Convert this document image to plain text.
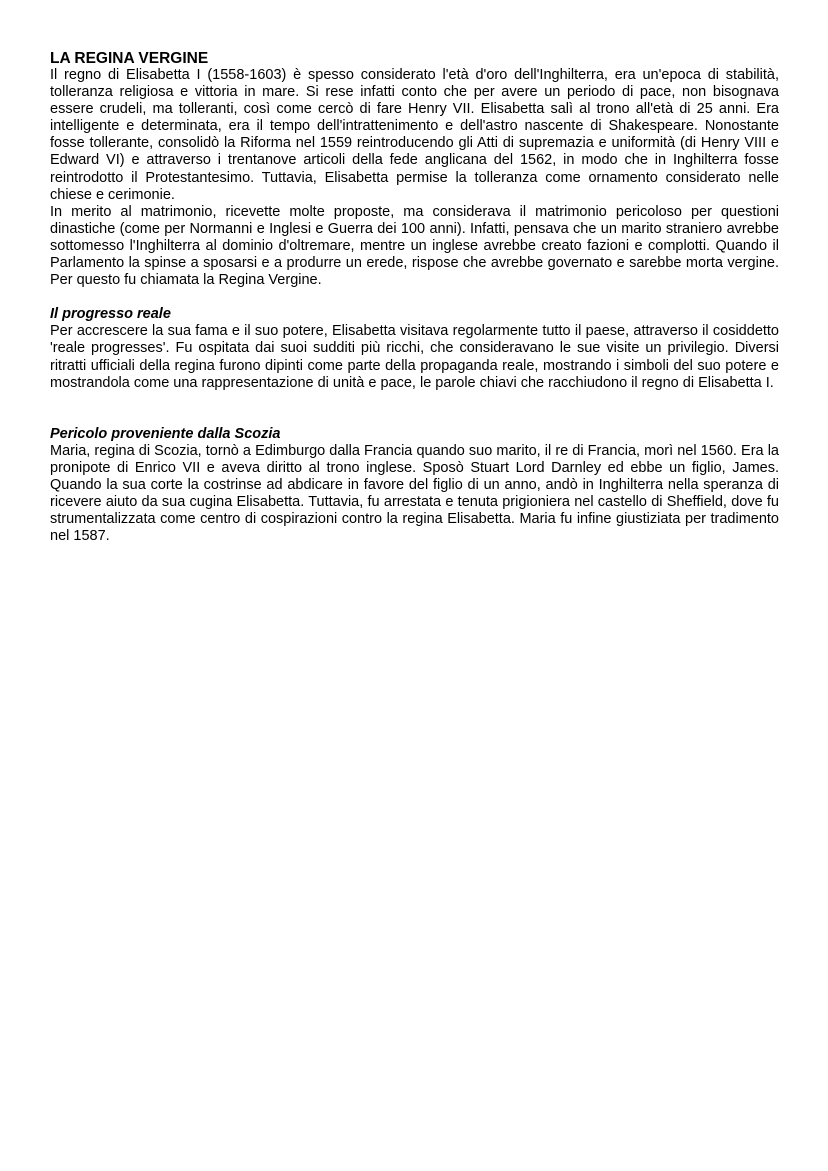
LA REGINA VERGINE

Il regno di Elisabetta I (1558-1603) è spesso considerato l'età d'oro dell'Inghilterra, era un'epoca di stabilità, tolleranza religiosa e vittoria in mare. Si rese infatti conto che per avere un periodo di pace, non bisognava essere crudeli, ma tolleranti, così come cercò di fare Henry VII. Elisabetta salì al trono all'età di 25 anni. Era intelligente e determinata, era il tempo dell'intrattenimento e dell'astro nascente di Shakespeare. Nonostante fosse tollerante, consolidò la Riforma nel 1559 reintroducendo gli Atti di supremazia e uniformità (di Henry VIII e Edward VI) e attraverso i trentanove articoli della fede anglicana del 1562, in modo che in Inghilterra fosse reintrodotto il Protestantesimo. Tuttavia, Elisabetta permise la tolleranza come ornamento considerato nelle chiese e cerimonie.

In merito al matrimonio, ricevette molte proposte, ma considerava il matrimonio pericoloso per questioni dinastiche (come per Normanni e Inglesi e Guerra dei 100 anni). Infatti, pensava che un marito straniero avrebbe sottomesso l'Inghilterra al dominio d'oltremare, mentre un inglese avrebbe creato fazioni e complotti. Quando il Parlamento la spinse a sposarsi e a produrre un erede, rispose che avrebbe governato e sarebbe morta vergine. Per questo fu chiamata la Regina Vergine.

Il progresso reale

Per accrescere la sua fama e il suo potere, Elisabetta visitava regolarmente tutto il paese, attraverso il cosiddetto 'reale progresses'. Fu ospitata dai suoi sudditi più ricchi, che consideravano le sue visite un privilegio. Diversi ritratti ufficiali della regina furono dipinti come parte della propaganda reale, mostrando i simboli del suo potere e mostrandola come una rappresentazione di unità e pace, le parole chiavi che racchiudono il regno di Elisabetta I.

Pericolo proveniente dalla Scozia

Maria, regina di Scozia, tornò a Edimburgo dalla Francia quando suo marito, il re di Francia, morì nel 1560. Era la pronipote di Enrico VII e aveva diritto al trono inglese. Sposò Stuart Lord Darnley ed ebbe un figlio, James. Quando la sua corte la costrinse ad abdicare in favore del figlio di un anno, andò in Inghilterra nella speranza di ricevere aiuto da sua cugina Elisabetta. Tuttavia, fu arrestata e tenuta prigioniera nel castello di Sheffield, dove fu strumentalizzata come centro di cospirazioni contro la regina Elisabetta. Maria fu infine giustiziata per tradimento nel 1587.
